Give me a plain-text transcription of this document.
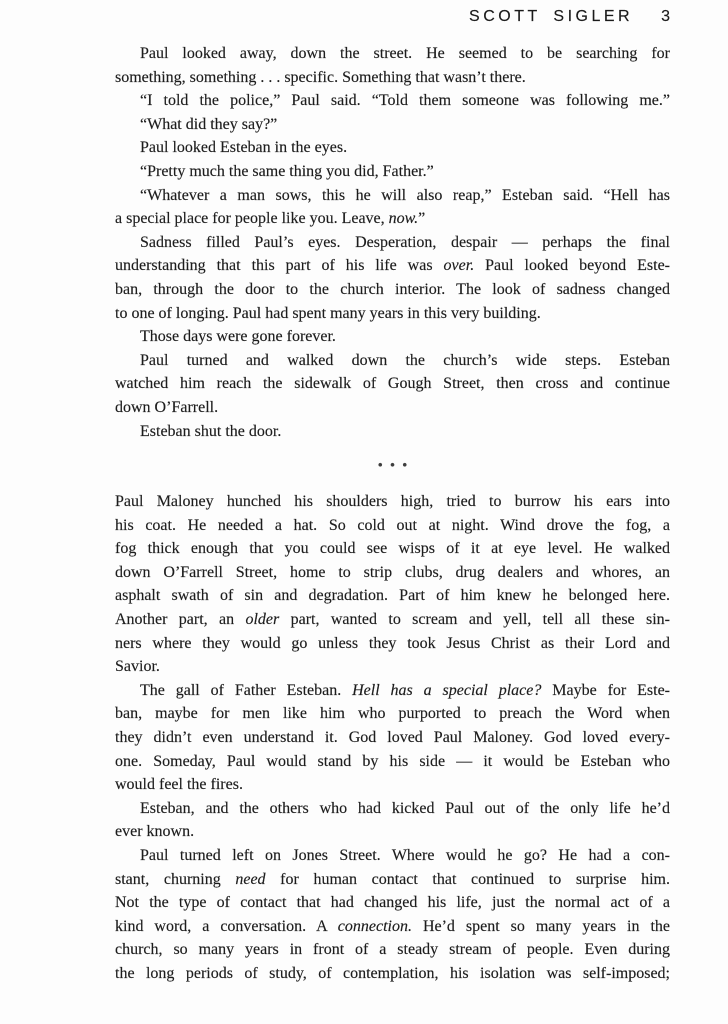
SCOTT SIGLER 3

Paul looked away, down the street. He seemed to be searching for
something, something . . . specific. Something that wasn’t there.

“I told the police,” Paul said. “Told them someone was following me.”

“What did they say?”

Paul looked Esteban in the eyes.

“Pretty much the same thing you did, Father.”

“Whatever a man sows, this he will also reap,” Esteban said. “Hell has
a special place for people like you. Leave, now.”

Sadness filled Paul’s eyes. Desperation, despair — perhaps the final
understanding that this part of his life was over. Paul looked beyond Este-
ban, through the door to the church interior. The look of sadness changed
to one of longing. Paul had spent many years in this very building.

Those days were gone forever.

Paul turned and walked down the church’s wide steps. Esteban
watched him reach the sidewalk of Gough Street, then cross and continue
down O’Farrell.

Esteban shut the door.

•••

Paul Maloney hunched his shoulders high, tried to burrow his ears into
his coat. He needed a hat. So cold out at night. Wind drove the fog, a
fog thick enough that you could see wisps of it at eye level. He walked
down O’Farrell Street, home to strip clubs, drug dealers and whores, an
asphalt swath of sin and degradation. Part of him knew he belonged here.
Another part, an older part, wanted to scream and yell, tell all these sin-
ners where they would go unless they took Jesus Christ as their Lord and
Savior.

The gall of Father Esteban. Hell has a special place? Maybe for Este-
ban, maybe for men like him who purported to preach the Word when
they didn’t even understand it. God loved Paul Maloney. God loved every-
one. Someday, Paul would stand by his side — it would be Esteban who
would feel the fires.

Esteban, and the others who had kicked Paul out of the only life he’d
ever known.

Paul turned left on Jones Street. Where would he go? He had a con-
stant, churning need for human contact that continued to surprise him.
Not the type of contact that had changed his life, just the normal act of a
kind word, a conversation. A connection. He’d spent so many years in the
church, so many years in front of a steady stream of people. Even during
the long periods of study, of contemplation, his isolation was self-imposed;
